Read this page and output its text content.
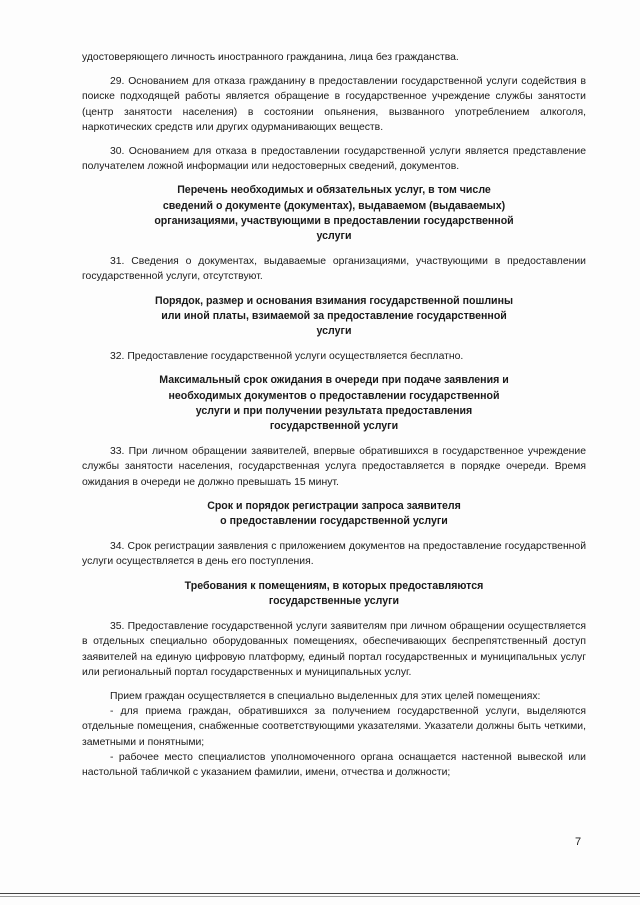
удостоверяющего личность иностранного гражданина, лица без гражданства.

29. Основанием для отказа гражданину в предоставлении государственной услуги содействия в поиске подходящей работы является обращение в государственное учреждение службы занятости (центр занятости населения) в состоянии опьянения, вызванного употреблением алкоголя, наркотических средств или других одурманивающих веществ.

30. Основанием для отказа в предоставлении государственной услуги является представление получателем ложной информации или недостоверных сведений, документов.

Перечень необходимых и обязательных услуг, в том числе сведений о документе (документах), выдаваемом (выдаваемых) организациями, участвующими в предоставлении государственной услуги

31. Сведения о документах, выдаваемые организациями, участвующими в предоставлении государственной услуги, отсутствуют.

Порядок, размер и основания взимания государственной пошлины или иной платы, взимаемой за предоставление государственной услуги

32. Предоставление государственной услуги осуществляется бесплатно.

Максимальный срок ожидания в очереди при подаче заявления и необходимых документов о предоставлении государственной услуги и при получении результата предоставления государственной услуги

33. При личном обращении заявителей, впервые обратившихся в государственное учреждение службы занятости населения, государственная услуга предоставляется в порядке очереди. Время ожидания в очереди не должно превышать 15 минут.

Срок и порядок регистрации запроса заявителя о предоставлении государственной услуги

34. Срок регистрации заявления с приложением документов на предоставление государственной услуги осуществляется в день его поступления.

Требования к помещениям, в которых предоставляются государственные услуги

35. Предоставление государственной услуги заявителям при личном обращении осуществляется в отдельных специально оборудованных помещениях, обеспечивающих беспрепятственный доступ заявителей на единую цифровую платформу, единый портал государственных и муниципальных услуг или региональный портал государственных и муниципальных услуг.

Прием граждан осуществляется в специально выделенных для этих целей помещениях:

- для приема граждан, обратившихся за получением государственной услуги, выделяются отдельные помещения, снабженные соответствующими указателями. Указатели должны быть четкими, заметными и понятными;

- рабочее место специалистов уполномоченного органа оснащается настенной вывеской или настольной табличкой с указанием фамилии, имени, отчества и должности;

7
